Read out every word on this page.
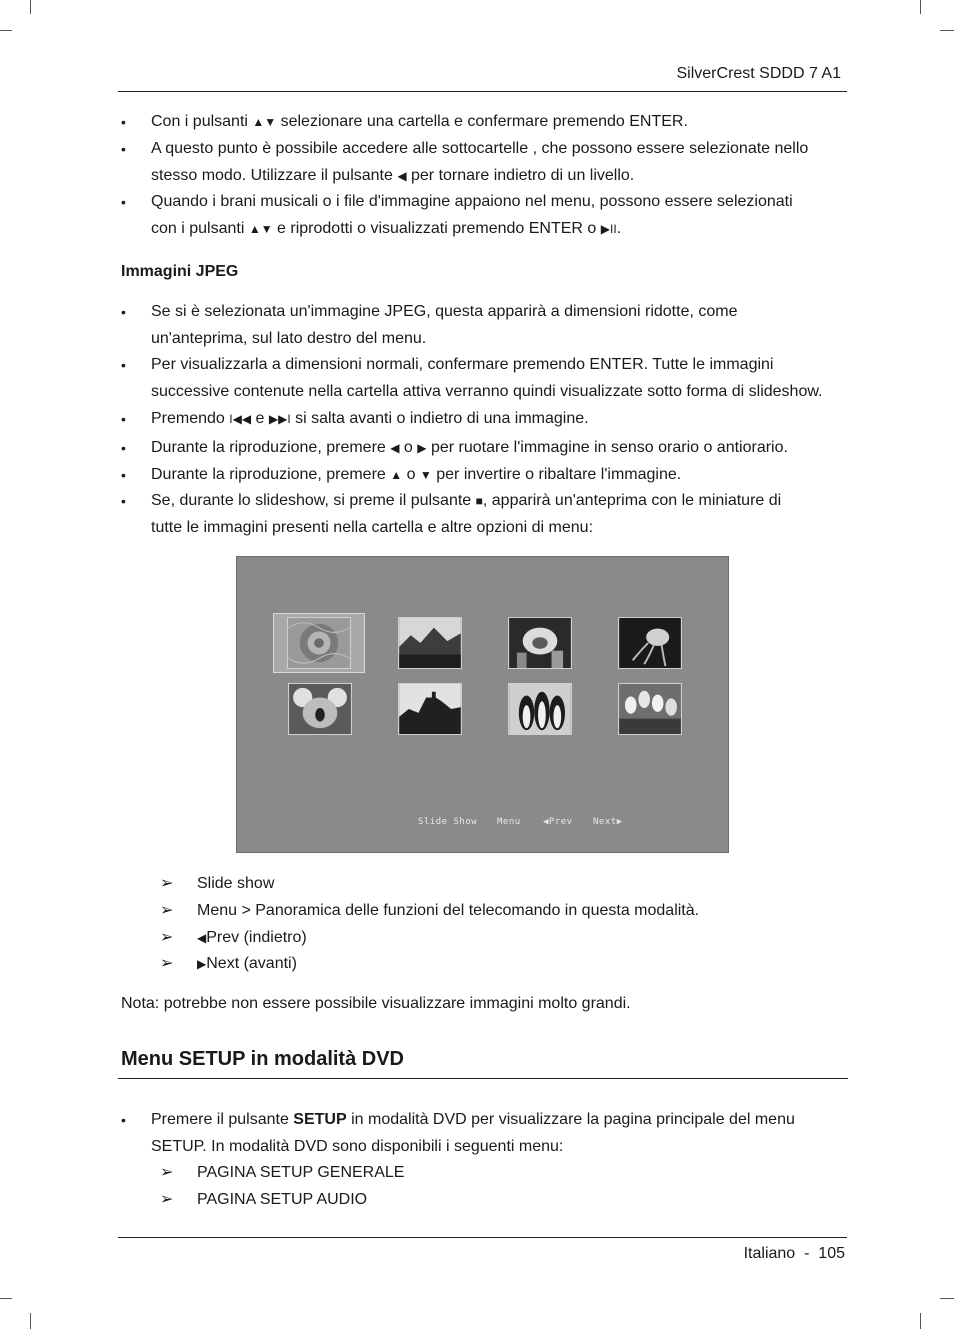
SilverCrest SDDD 7 A1
• Con i pulsanti ▲▼ selezionare una cartella e confermare premendo ENTER.
• A questo punto è possibile accedere alle sottocartelle , che possono essere selezionate nello
stesso modo. Utilizzare il pulsante ◀ per tornare indietro di un livello.
• Quando i brani musicali o i file d'immagine appaiono nel menu, possono essere selezionati
con i pulsanti ▲▼ e riprodotti o visualizzati premendo ENTER o ▶II.
Immagini JPEG
• Se si è selezionata un'immagine JPEG, questa apparirà a dimensioni ridotte, come
un'anteprima, sul lato destro del menu.
• Per visualizzarla a dimensioni normali, confermare premendo ENTER. Tutte le immagini
successive contenute nella cartella attiva verranno quindi visualizzate sotto forma di slideshow.
• Premendo I◀◀ e ▶▶I si salta avanti o indietro di una immagine.
• Durante la riproduzione, premere ◀ o ▶ per ruotare l'immagine in senso orario o antiorario.
• Durante la riproduzione, premere ▲ o ▼ per invertire o ribaltare l'immagine.
• Se, durante lo slideshow, si preme il pulsante ■, apparirà un'anteprima con le miniature di
tutte le immagini presenti nella cartella e altre opzioni di menu:
Slide Show Menu ◀Prev Next▶
➢ Slide show
➢ Menu > Panoramica delle funzioni del telecomando in questa modalità.
➢ ◀Prev (indietro)
➢ ▶Next (avanti)
Nota: potrebbe non essere possibile visualizzare immagini molto grandi.
Menu SETUP in modalità DVD
• Premere il pulsante SETUP in modalità DVD per visualizzare la pagina principale del menu
SETUP. In modalità DVD sono disponibili i seguenti menu:
➢ PAGINA SETUP GENERALE
➢ PAGINA SETUP AUDIO
Italiano - 105
